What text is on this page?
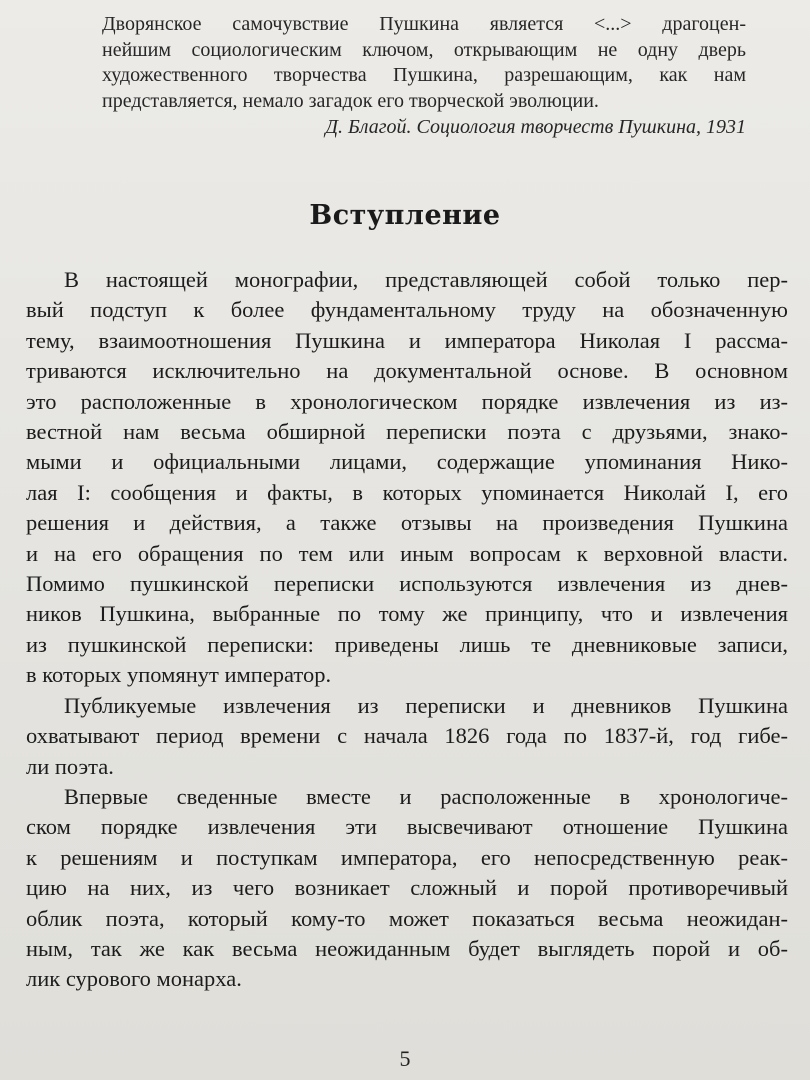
Дворянское самочувствие Пушкина является <...> драгоцен-
нейшим социологическим ключом, открывающим не одну дверь
художественного творчества Пушкина, разрешающим, как нам
представляется, немало загадок его творческой эволюции.
Д. Благой. Социология творчеств Пушкина, 1931
Вступление
В настоящей монографии, представляющей собой только пер-
вый подступ к более фундаментальному труду на обозначенную
тему, взаимоотношения Пушкина и императора Николая I рассма-
триваются исключительно на документальной основе. В основном
это расположенные в хронологическом порядке извлечения из из-
вестной нам весьма обширной переписки поэта с друзьями, знако-
мыми и официальными лицами, содержащие упоминания Нико-
лая I: сообщения и факты, в которых упоминается Николай I, его
решения и действия, а также отзывы на произведения Пушкина
и на его обращения по тем или иным вопросам к верховной власти.
Помимо пушкинской переписки используются извлечения из днев-
ников Пушкина, выбранные по тому же принципу, что и извлечения
из пушкинской переписки: приведены лишь те дневниковые записи,
в которых упомянут император.
Публикуемые извлечения из переписки и дневников Пушкина
охватывают период времени с начала 1826 года по 1837-й, год гибе-
ли поэта.
Впервые сведенные вместе и расположенные в хронологиче-
ском порядке извлечения эти высвечивают отношение Пушкина
к решениям и поступкам императора, его непосредственную реак-
цию на них, из чего возникает сложный и порой противоречивый
облик поэта, который кому-то может показаться весьма неожидан-
ным, так же как весьма неожиданным будет выглядеть порой и об-
лик сурового монарха.
5
